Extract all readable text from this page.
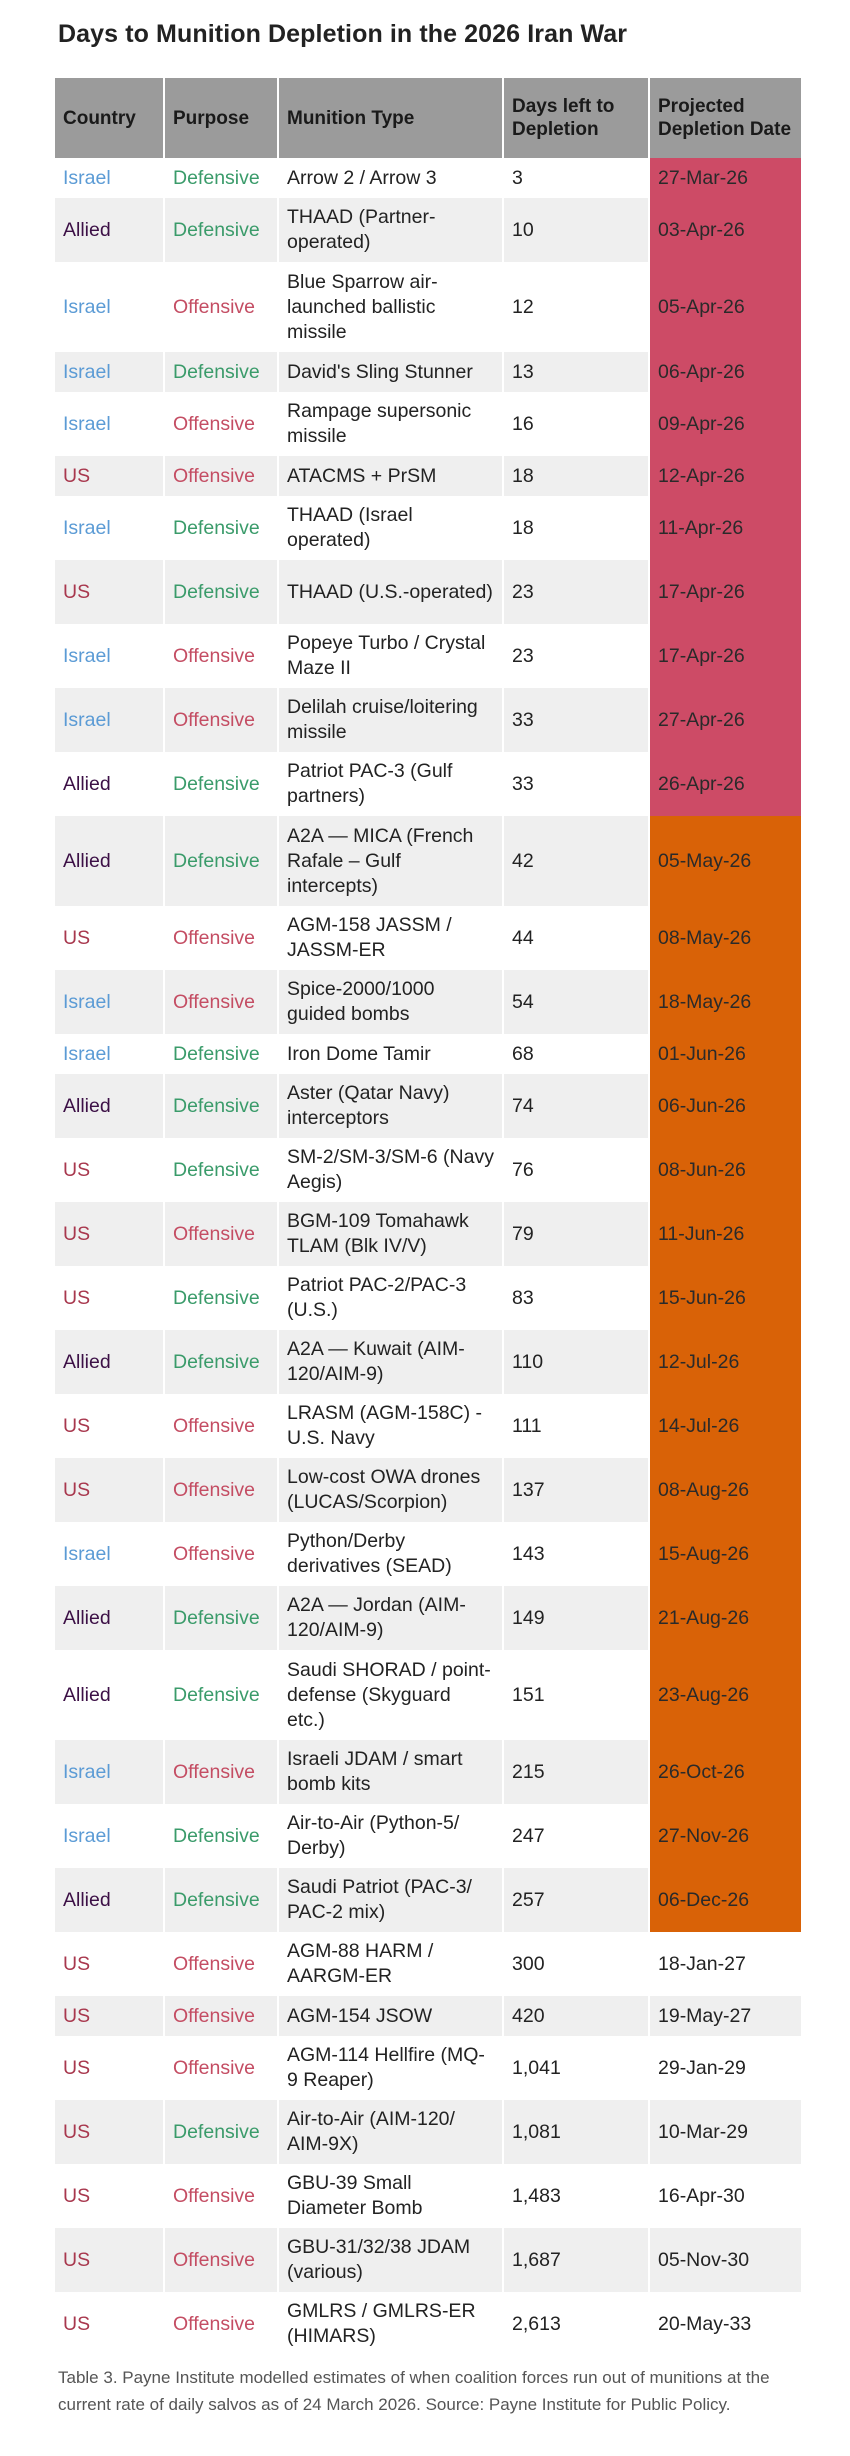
Days to Munition Depletion in the 2026 Iran War
Country	Purpose	Munition Type	Days left to Depletion	Projected Depletion Date
Israel	Defensive	Arrow 2 / Arrow 3	3	27-Mar-26
Allied	Defensive	THAAD (Partner-operated)	10	03-Apr-26
Israel	Offensive	Blue Sparrow air-launched ballistic missile	12	05-Apr-26
Israel	Defensive	David's Sling Stunner	13	06-Apr-26
Israel	Offensive	Rampage supersonic missile	16	09-Apr-26
US	Offensive	ATACMS + PrSM	18	12-Apr-26
Israel	Defensive	THAAD (Israel operated)	18	11-Apr-26
US	Defensive	THAAD (U.S.-operated)	23	17-Apr-26
Israel	Offensive	Popeye Turbo / Crystal Maze II	23	17-Apr-26
Israel	Offensive	Delilah cruise/loitering missile	33	27-Apr-26
Allied	Defensive	Patriot PAC-3 (Gulf partners)	33	26-Apr-26
Allied	Defensive	A2A — MICA (French Rafale – Gulf intercepts)	42	05-May-26
US	Offensive	AGM-158 JASSM / JASSM-ER	44	08-May-26
Israel	Offensive	Spice-2000/1000 guided bombs	54	18-May-26
Israel	Defensive	Iron Dome Tamir	68	01-Jun-26
Allied	Defensive	Aster (Qatar Navy) interceptors	74	06-Jun-26
US	Defensive	SM-2/SM-3/SM-6 (Navy Aegis)	76	08-Jun-26
US	Offensive	BGM-109 Tomahawk TLAM (Blk IV/V)	79	11-Jun-26
US	Defensive	Patriot PAC-2/PAC-3 (U.S.)	83	15-Jun-26
Allied	Defensive	A2A — Kuwait (AIM-120/AIM-9)	110	12-Jul-26
US	Offensive	LRASM (AGM-158C) - U.S. Navy	111	14-Jul-26
US	Offensive	Low-cost OWA drones (LUCAS/Scorpion)	137	08-Aug-26
Israel	Offensive	Python/Derby derivatives (SEAD)	143	15-Aug-26
Allied	Defensive	A2A — Jordan (AIM-120/AIM-9)	149	21-Aug-26
Allied	Defensive	Saudi SHORAD / point-defense (Skyguard etc.)	151	23-Aug-26
Israel	Offensive	Israeli JDAM / smart bomb kits	215	26-Oct-26
Israel	Defensive	Air-to-Air (Python-5/ Derby)	247	27-Nov-26
Allied	Defensive	Saudi Patriot (PAC-3/ PAC-2 mix)	257	06-Dec-26
US	Offensive	AGM-88 HARM / AARGM-ER	300	18-Jan-27
US	Offensive	AGM-154 JSOW	420	19-May-27
US	Offensive	AGM-114 Hellfire (MQ-9 Reaper)	1,041	29-Jan-29
US	Defensive	Air-to-Air (AIM-120/ AIM-9X)	1,081	10-Mar-29
US	Offensive	GBU-39 Small Diameter Bomb	1,483	16-Apr-30
US	Offensive	GBU-31/32/38 JDAM (various)	1,687	05-Nov-30
US	Offensive	GMLRS / GMLRS-ER (HIMARS)	2,613	20-May-33
Table 3. Payne Institute modelled estimates of when coalition forces run out of munitions at the current rate of daily salvos as of 24 March 2026. Source: Payne Institute for Public Policy.
